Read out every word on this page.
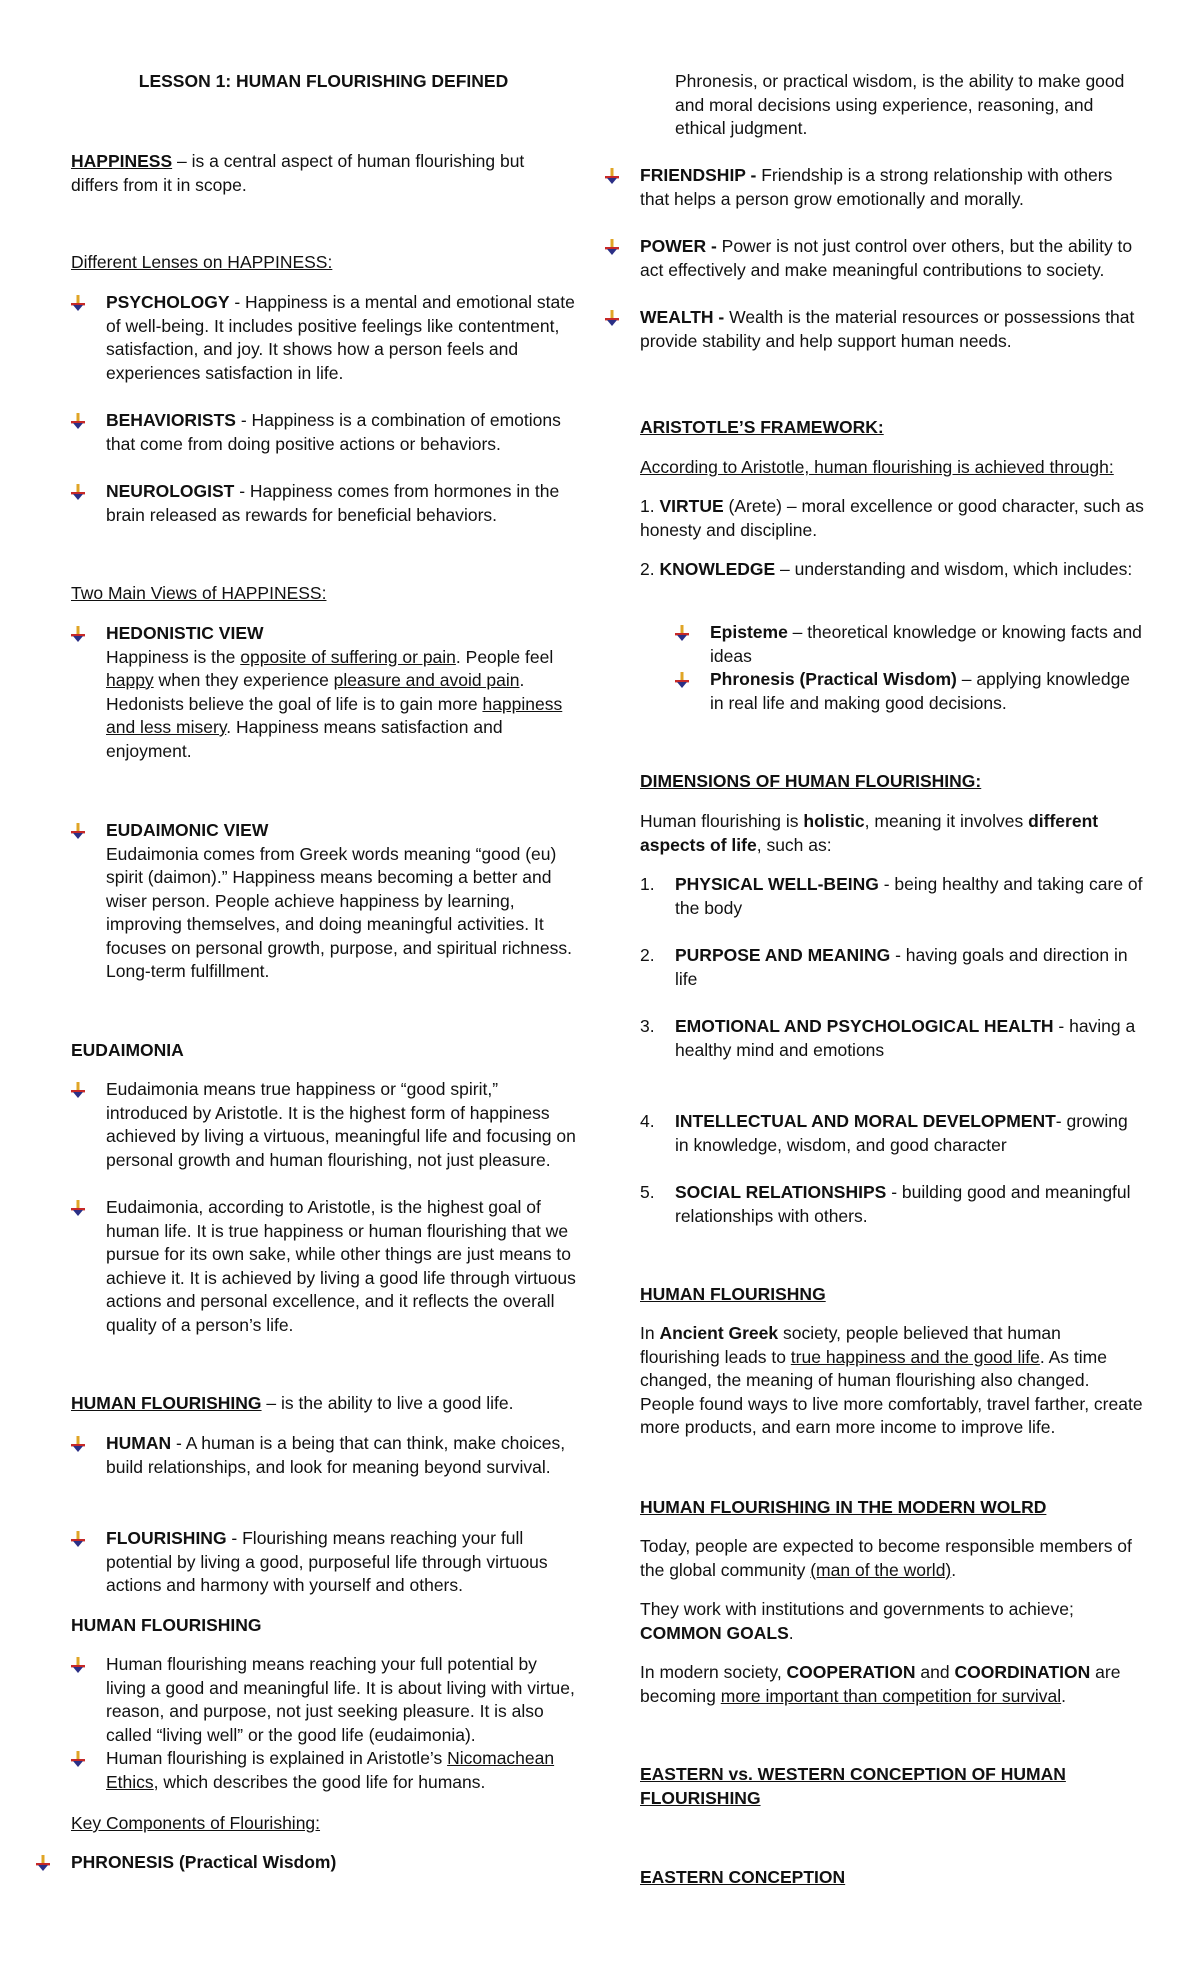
LESSON 1: HUMAN FLOURISHING DEFINED
HAPPINESS – is a central aspect of human flourishing but differs from it in scope.
Different Lenses on HAPPINESS:
PSYCHOLOGY - Happiness is a mental and emotional state of well-being. It includes positive feelings like contentment, satisfaction, and joy. It shows how a person feels and experiences satisfaction in life.
BEHAVIORISTS - Happiness is a combination of emotions that come from doing positive actions or behaviors.
NEUROLOGIST - Happiness comes from hormones in the brain released as rewards for beneficial behaviors.
Two Main Views of HAPPINESS:
HEDONISTIC VIEW
Happiness is the opposite of suffering or pain. People feel happy when they experience pleasure and avoid pain. Hedonists believe the goal of life is to gain more happiness and less misery. Happiness means satisfaction and enjoyment.
EUDAIMONIC VIEW
Eudaimonia comes from Greek words meaning “good (eu) spirit (daimon).” Happiness means becoming a better and wiser person. People achieve happiness by learning, improving themselves, and doing meaningful activities. It focuses on personal growth, purpose, and spiritual richness. Long-term fulfillment.
EUDAIMONIA
Eudaimonia means true happiness or “good spirit,” introduced by Aristotle. It is the highest form of happiness achieved by living a virtuous, meaningful life and focusing on personal growth and human flourishing, not just pleasure.
Eudaimonia, according to Aristotle, is the highest goal of human life. It is true happiness or human flourishing that we pursue for its own sake, while other things are just means to achieve it. It is achieved by living a good life through virtuous actions and personal excellence, and it reflects the overall quality of a person’s life.
HUMAN FLOURISHING – is the ability to live a good life.
HUMAN - A human is a being that can think, make choices, build relationships, and look for meaning beyond survival.
FLOURISHING - Flourishing means reaching your full potential by living a good, purposeful life through virtuous actions and harmony with yourself and others.
HUMAN FLOURISHING
Human flourishing means reaching your full potential by living a good and meaningful life. It is about living with virtue, reason, and purpose, not just seeking pleasure. It is also called “living well” or the good life (eudaimonia).
Human flourishing is explained in Aristotle’s Nicomachean Ethics, which describes the good life for humans.
Key Components of Flourishing:
PHRONESIS (Practical Wisdom)
Phronesis, or practical wisdom, is the ability to make good and moral decisions using experience, reasoning, and ethical judgment.
FRIENDSHIP - Friendship is a strong relationship with others that helps a person grow emotionally and morally.
POWER - Power is not just control over others, but the ability to act effectively and make meaningful contributions to society.
WEALTH - Wealth is the material resources or possessions that provide stability and help support human needs.
ARISTOTLE’S FRAMEWORK:
According to Aristotle, human flourishing is achieved through:
1. VIRTUE (Arete) – moral excellence or good character, such as honesty and discipline.
2. KNOWLEDGE – understanding and wisdom, which includes:
Episteme – theoretical knowledge or knowing facts and ideas
Phronesis (Practical Wisdom) – applying knowledge in real life and making good decisions.
DIMENSIONS OF HUMAN FLOURISHING:
Human flourishing is holistic, meaning it involves different aspects of life, such as:
1. PHYSICAL WELL-BEING - being healthy and taking care of the body
2. PURPOSE AND MEANING - having goals and direction in life
3. EMOTIONAL AND PSYCHOLOGICAL HEALTH - having a healthy mind and emotions
4. INTELLECTUAL AND MORAL DEVELOPMENT- growing in knowledge, wisdom, and good character
5. SOCIAL RELATIONSHIPS - building good and meaningful relationships with others.
HUMAN FLOURISHNG
In Ancient Greek society, people believed that human flourishing leads to true happiness and the good life. As time changed, the meaning of human flourishing also changed. People found ways to live more comfortably, travel farther, create more products, and earn more income to improve life.
HUMAN FLOURISHING IN THE MODERN WOLRD
Today, people are expected to become responsible members of the global community (man of the world).
They work with institutions and governments to achieve; COMMON GOALS.
In modern society, COOPERATION and COORDINATION are becoming more important than competition for survival.
EASTERN vs. WESTERN CONCEPTION OF HUMAN FLOURISHING
EASTERN CONCEPTION
